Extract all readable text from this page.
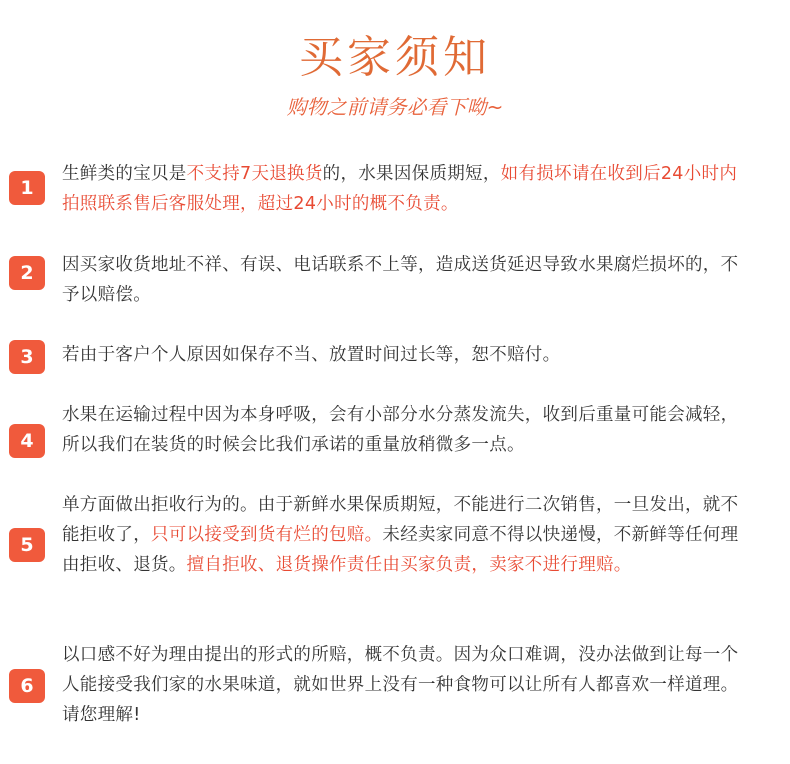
买家须知
购物之前请务必看下呦~
1
生鲜类的宝贝是不支持7天退换货的，水果因保质期短，如有损坏请在收到后24小时内拍照联系售后客服处理，超过24小时的概不负责。
2	因买家收货地址不祥、有误、电话联系不上等，造成送货延迟导致水果腐烂损坏的，不予以赔偿。
3	若由于客户个人原因如保存不当、放置时间过长等，恕不赔付。
4
水果在运输过程中因为本身呼吸，会有小部分水分蒸发流失，收到后重量可能会减轻，所以我们在装货的时候会比我们承诺的重量放稍微多一点。
5
单方面做出拒收行为的。由于新鲜水果保质期短，不能进行二次销售，一旦发出，就不能拒收了，只可以接受到货有烂的包赔。未经卖家同意不得以快递慢，不新鲜等任何理由拒收、退货。擅自拒收、退货操作责任由买家负责，卖家不进行理赔。
6
以口感不好为理由提出的形式的所赔，概不负责。因为众口难调，没办法做到让每一个人能接受我们家的水果味道，就如世界上没有一种食物可以让所有人都喜欢一样道理。请您理解!
